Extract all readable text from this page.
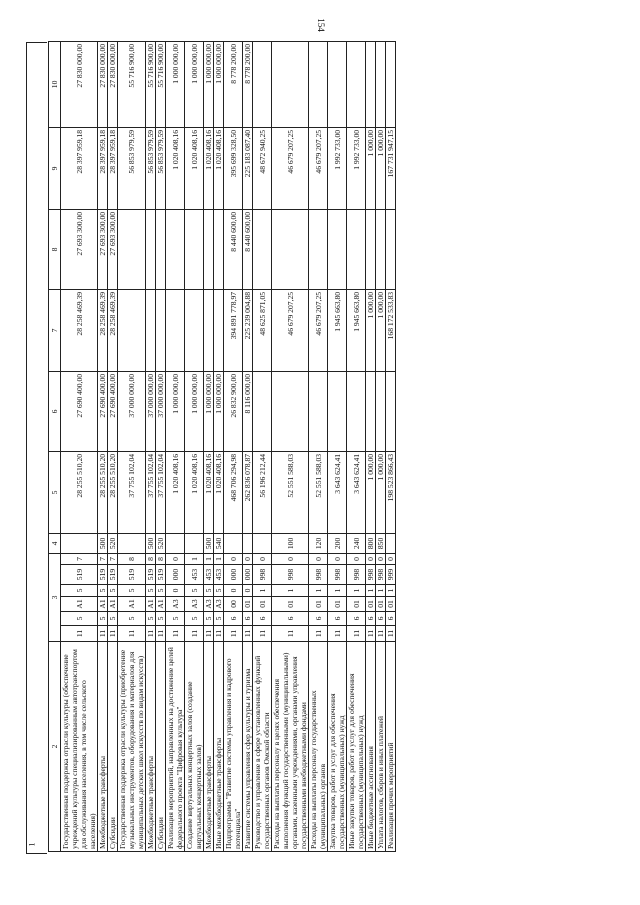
154
2	3						4	5	6	7	8	9	10
Государственная поддержка отрасли культуры (обеспечение учреждений культуры специализированным автотранспортом для обслуживания населения, в том числе сельского населения)	11	5	A1	5	519	7		28 255 510,20	27 690 400,00	28 258 469,39	27 693 300,00	28 397 959,18	27 830 000,00
Межбюджетные трансферты	11	5	A1	5	519	7	500	28 255 510,20	27 690 400,00	28 258 469,39	27 693 300,00	28 397 959,18	27 830 000,00
Субсидии	11	5	A1	5	519	7	520	28 255 510,20	27 690 400,00	28 258 469,39	27 693 300,00	28 397 959,18	27 830 000,00
Государственная поддержка отрасли культуры (приобретение музыкальных инструментов, оборудования и материалов для муниципальных детских школ искусств по видам искусств)	11	5	A1	5	519	8		37 755 102,04	37 000 000,00			56 853 979,59	55 716 900,00
Межбюджетные трансферты	11	5	A1	5	519	8	500	37 755 102,04	37 000 000,00			56 853 979,59	55 716 900,00
Субсидии	11	5	A1	5	519	8	520	37 755 102,04	37 000 000,00			56 853 979,59	55 716 900,00
Реализация мероприятий, направленных на достижение целей федерального проекта "Цифровая культура"	11	5	A3	0	000	0		1 020 408,16	1 000 000,00			1 020 408,16	1 000 000,00
Создание виртуальных концертных залов (создание виртуальных концертных залов)	11	5	A3	5	453	1		1 020 408,16	1 000 000,00			1 020 408,16	1 000 000,00
Межбюджетные трансферты	11	5	A3	5	453	1	500	1 020 408,16	1 000 000,00			1 020 408,16	1 000 000,00
Иные межбюджетные трансферты	11	5	A3	5	453	1	540	1 020 408,16	1 000 000,00			1 020 408,16	1 000 000,00
Подпрограмма "Развитие системы управления и кадрового потенциала"	11	6	00	0	000	0		468 706 294,98	26 832 900,00	394 891 778,97	8 440 600,00	395 699 328,50	8 778 200,00
Развитие системы управления сфер культуры и туризма	11	6	01	0	000	0		262 836 078,87	8 116 000,00	225 239 004,88	8 440 600,00	225 183 087,40	8 778 200,00
Руководство и управление в сфере установленных функций государственных органов Омской области	11	6	01	1	998	0		56 196 212,44		48 625 871,05		48 672 940,25	
Расходы на выплаты персоналу в целях обеспечения выполнения функций государственными (муниципальными) органами, казенными учреждениями, органами управления государственными внебюджетными фондами	11	6	01	1	998	0	100	52 551 588,03		46 679 207,25		46 679 207,25	
Расходы на выплаты персоналу государственных (муниципальных) органов	11	6	01	1	998	0	120	52 551 588,03		46 679 207,25		46 679 207,25	
Закупка товаров, работ и услуг для обеспечения государственных (муниципальных) нужд	11	6	01	1	998	0	200	3 643 624,41		1 945 663,80		1 992 733,00	
Иные закупки товаров, работ и услуг для обеспечения государственных (муниципальных) нужд	11	6	01	1	998	0	240	3 643 624,41		1 945 663,80		1 992 733,00	
Иные бюджетные ассигнования	11	6	01	1	998	0	800	1 000,00		1 000,00		1 000,00	
Уплата налогов, сборов и иных платежей	11	6	01	1	998	0	850	1 000,00		1 000,00		1 000,00	
Реализация прочих мероприятий	11	6	01	1	999	0		198 523 866,43		168 172 533,83		167 731 947,15	
1
